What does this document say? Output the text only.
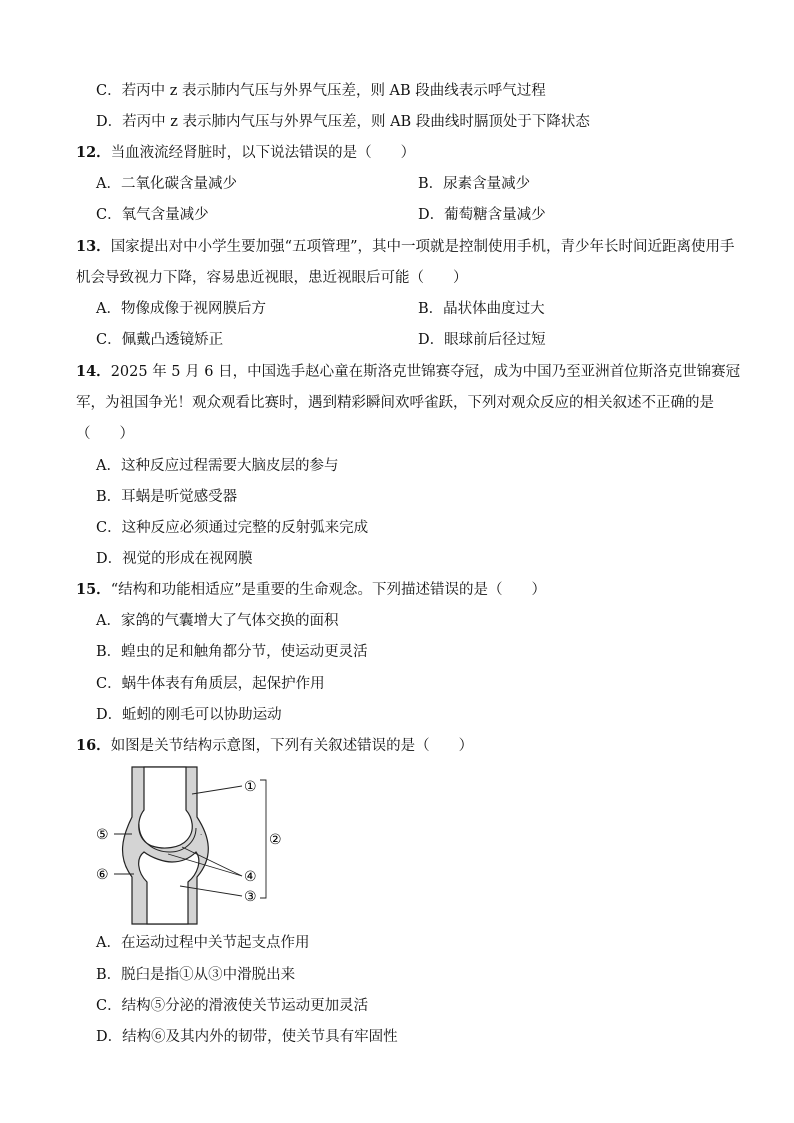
C．若丙中 z 表示肺内气压与外界气压差，则 AB 段曲线表示呼气过程
D．若丙中 z 表示肺内气压与外界气压差，则 AB 段曲线时膈顶处于下降状态
12．当血液流经肾脏时，以下说法错误的是（　　）
A．二氧化碳含量减少	B．尿素含量减少
C．氧气含量减少	D．葡萄糖含量减少
13．国家提出对中小学生要加强“五项管理”，其中一项就是控制使用手机，青少年长时间近距离使用手
机会导致视力下降，容易患近视眼，患近视眼后可能（　　）
A．物像成像于视网膜后方	B．晶状体曲度过大
C．佩戴凸透镜矫正	D．眼球前后径过短
14．2025 年 5 月 6 日，中国选手赵心童在斯洛克世锦赛夺冠，成为中国乃至亚洲首位斯洛克世锦赛冠
军，为祖国争光！观众观看比赛时，遇到精彩瞬间欢呼雀跃，下列对观众反应的相关叙述不正确的是
（　　）
A．这种反应过程需要大脑皮层的参与
B．耳蜗是听觉感受器
C．这种反应必须通过完整的反射弧来完成
D．视觉的形成在视网膜
15．“结构和功能相适应”是重要的生命观念。下列描述错误的是（　　）
A．家鸽的气囊增大了气体交换的面积
B．蝗虫的足和触角都分节，使运动更灵活
C．蜗牛体表有角质层，起保护作用
D．蚯蚓的刚毛可以协助运动
16．如图是关节结构示意图，下列有关叙述错误的是（　　）
·
①
②
③
④
⑤
⑥
A．在运动过程中关节起支点作用
B．脱臼是指①从③中滑脱出来
C．结构⑤分泌的滑液使关节运动更加灵活
D．结构⑥及其内外的韧带，使关节具有牢固性
